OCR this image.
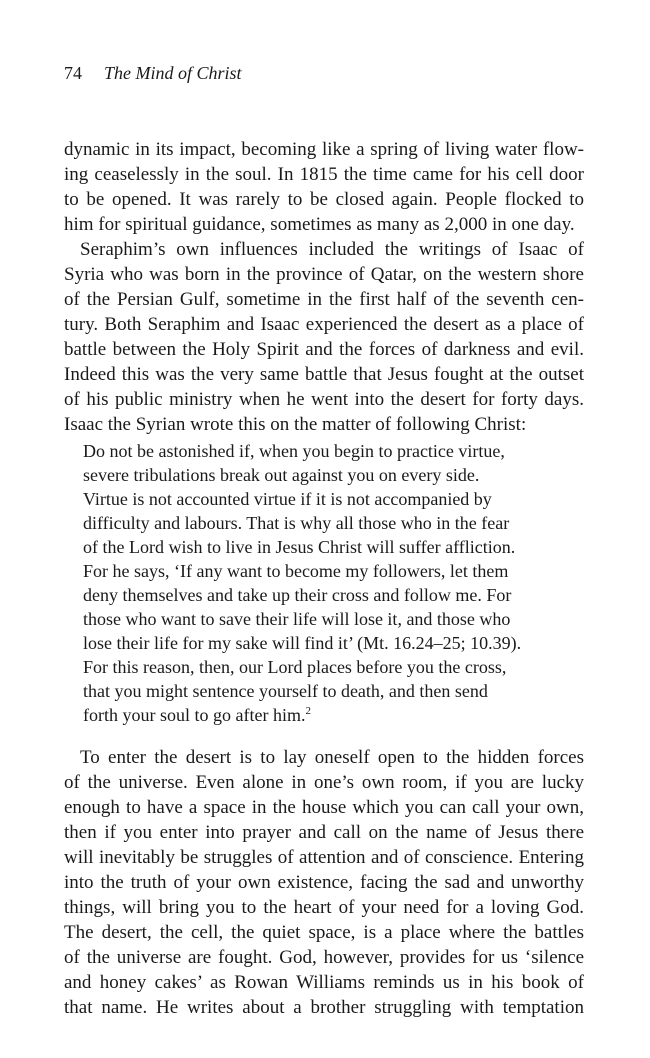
74 The Mind of Christ
dynamic in its impact, becoming like a spring of living water flow-
ing ceaselessly in the soul. In 1815 the time came for his cell door
to be opened. It was rarely to be closed again. People flocked to
him for spiritual guidance, sometimes as many as 2,000 in one day.
Seraphim’s own influences included the writings of Isaac of
Syria who was born in the province of Qatar, on the western shore
of the Persian Gulf, sometime in the first half of the seventh cen-
tury. Both Seraphim and Isaac experienced the desert as a place of
battle between the Holy Spirit and the forces of darkness and evil.
Indeed this was the very same battle that Jesus fought at the outset
of his public ministry when he went into the desert for forty days.
Isaac the Syrian wrote this on the matter of following Christ:
Do not be astonished if, when you begin to practice virtue,
severe tribulations break out against you on every side.
Virtue is not accounted virtue if it is not accompanied by
difficulty and labours. That is why all those who in the fear
of the Lord wish to live in Jesus Christ will suffer affliction.
For he says, ‘If any want to become my followers, let them
deny themselves and take up their cross and follow me. For
those who want to save their life will lose it, and those who
lose their life for my sake will find it’ (Mt. 16.24–25; 10.39).
For this reason, then, our Lord places before you the cross,
that you might sentence yourself to death, and then send
forth your soul to go after him.$^2$
To enter the desert is to lay oneself open to the hidden forces
of the universe. Even alone in one’s own room, if you are lucky
enough to have a space in the house which you can call your own,
then if you enter into prayer and call on the name of Jesus there
will inevitably be struggles of attention and of conscience. Entering
into the truth of your own existence, facing the sad and unworthy
things, will bring you to the heart of your need for a loving God.
The desert, the cell, the quiet space, is a place where the battles
of the universe are fought. God, however, provides for us ‘silence
and honey cakes’ as Rowan Williams reminds us in his book of
that name. He writes about a brother struggling with temptation
